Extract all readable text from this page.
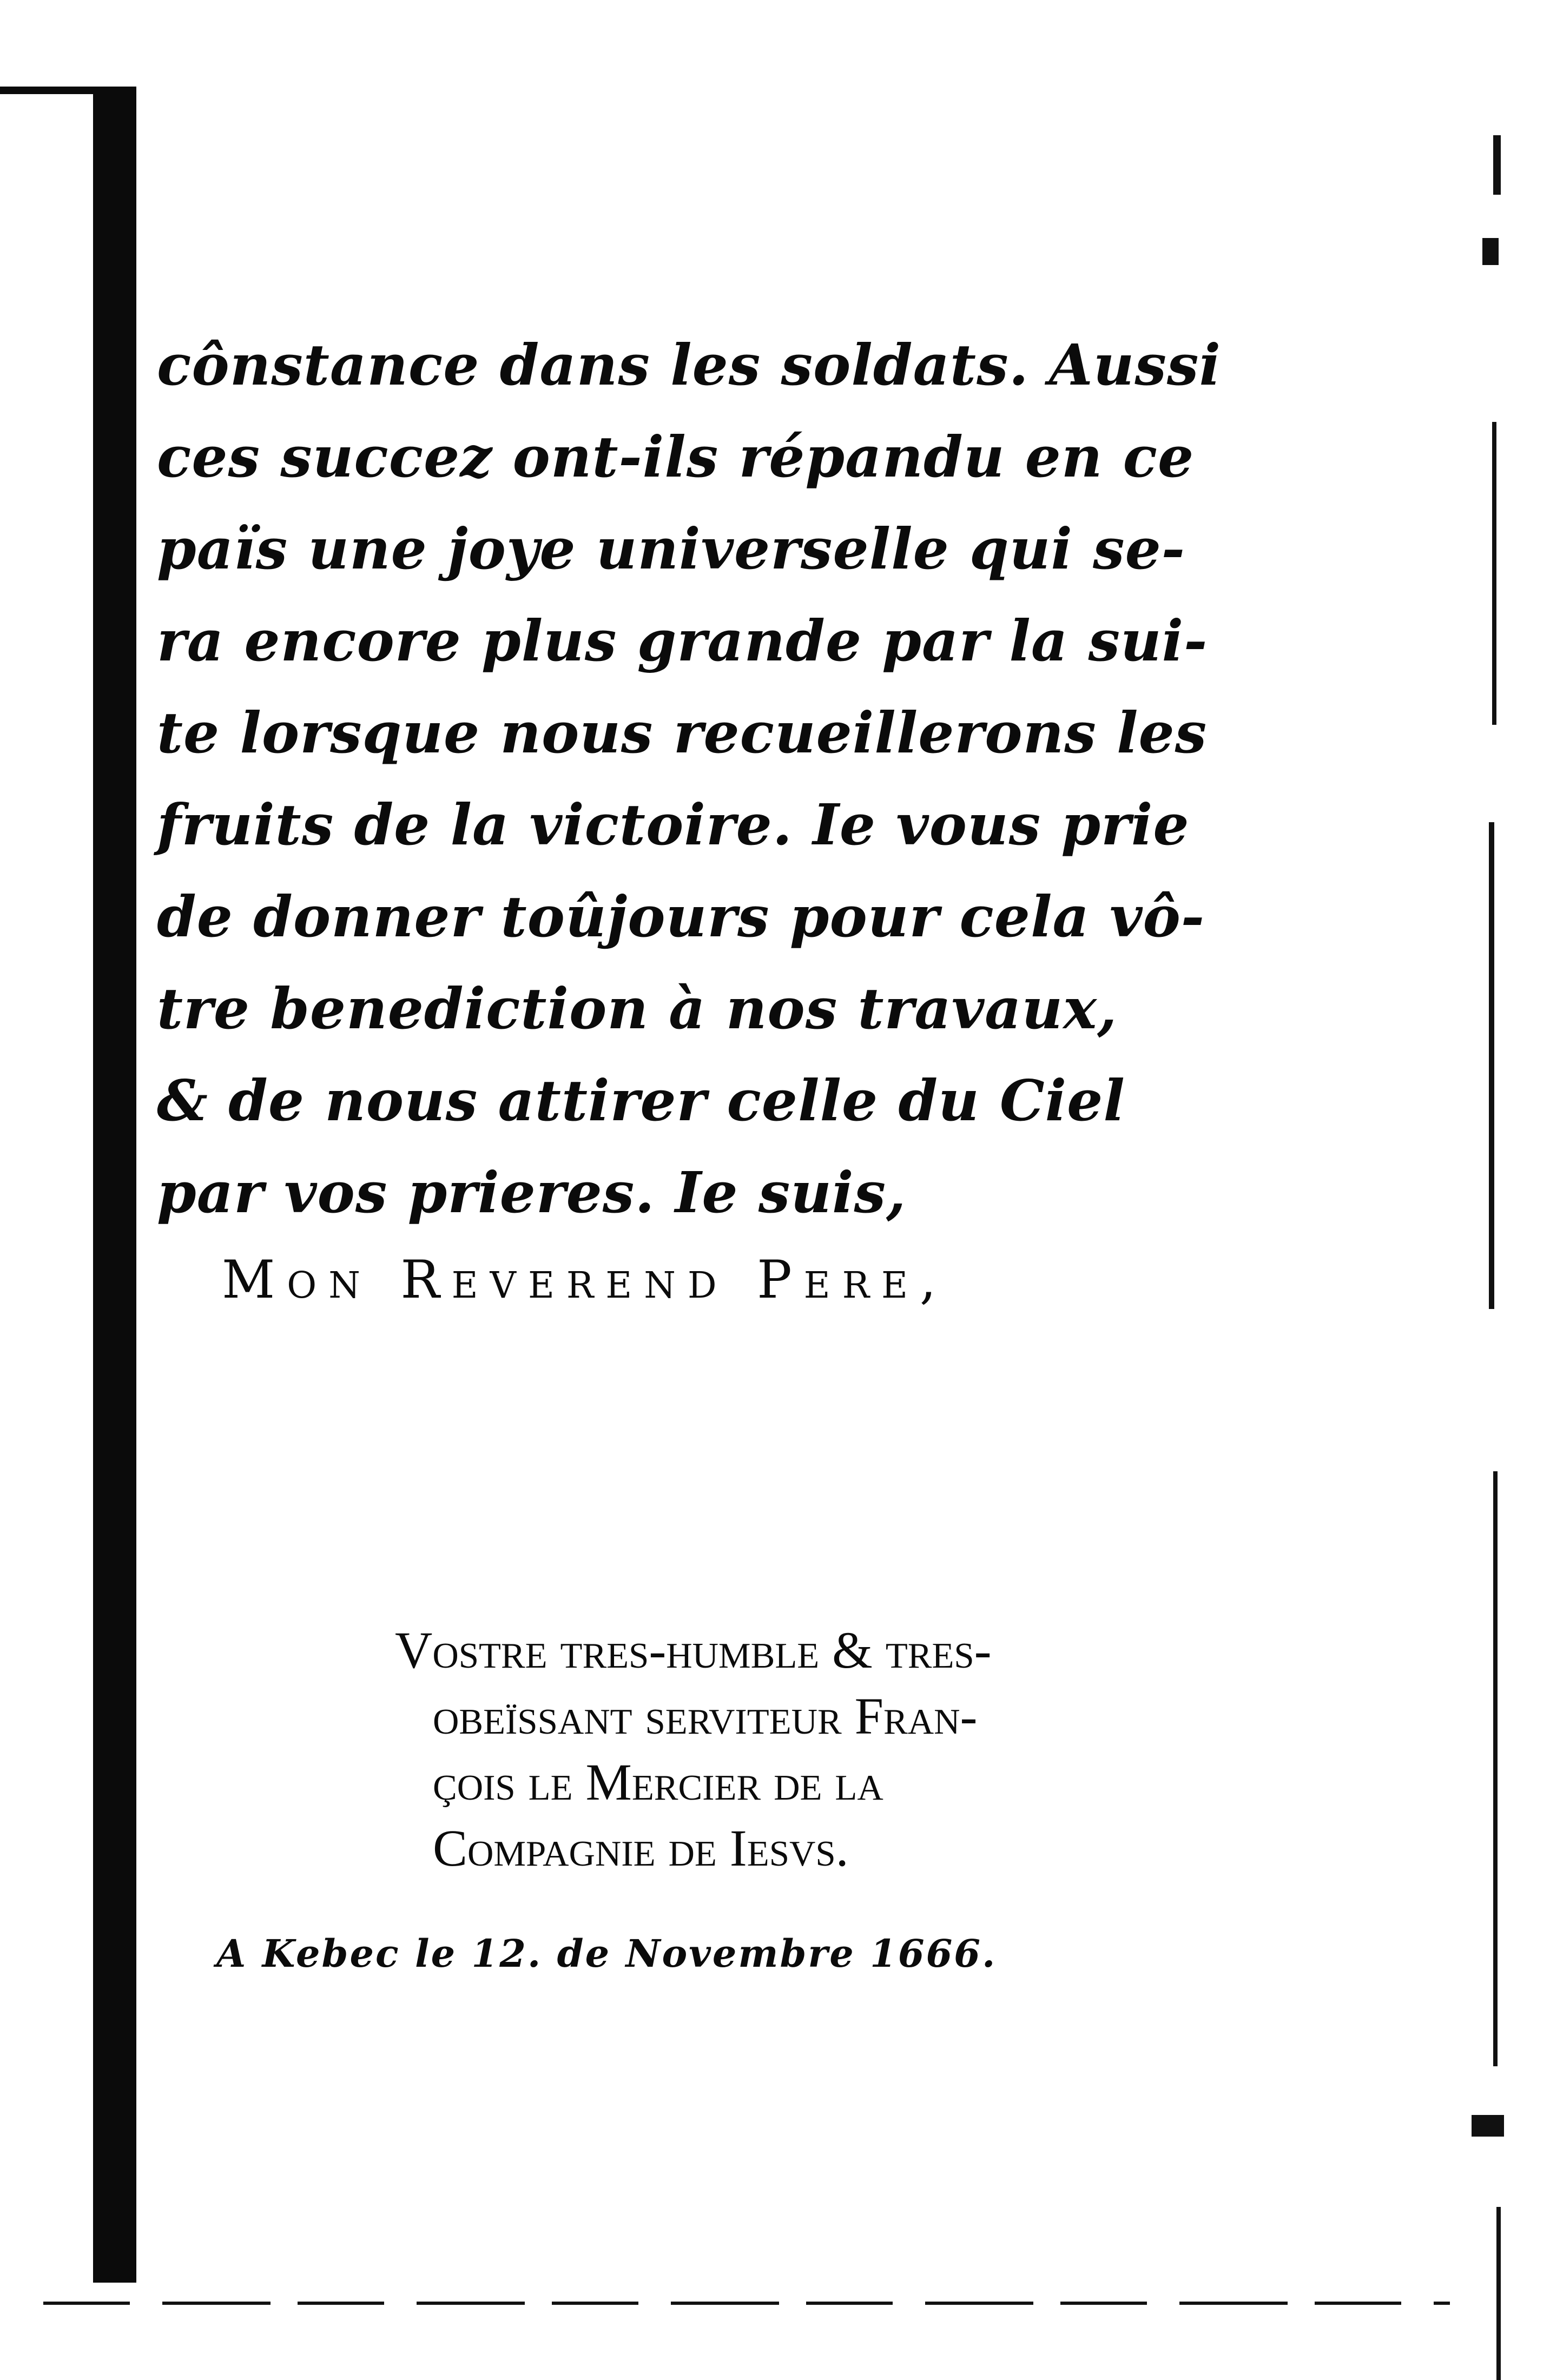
cônstance dans les soldats. Aussi
ces succez ont-ils répandu en ce
païs une joye universelle qui se-
ra encore plus grande par la sui-
te lorsque nous recueillerons les
fruits de la victoire. Ie vous prie
de donner toûjours pour cela vô-
tre benediction à nos travaux,
& de nous attirer celle du Ciel
par vos prieres. Ie suis,
Mon Reverend Pere,
Vostre tres-humble & tres-
obeïssant serviteur Fran-
çois le Mercier de la
Compagnie de Iesvs.
A Kebec le 12. de Novembre 1666.
